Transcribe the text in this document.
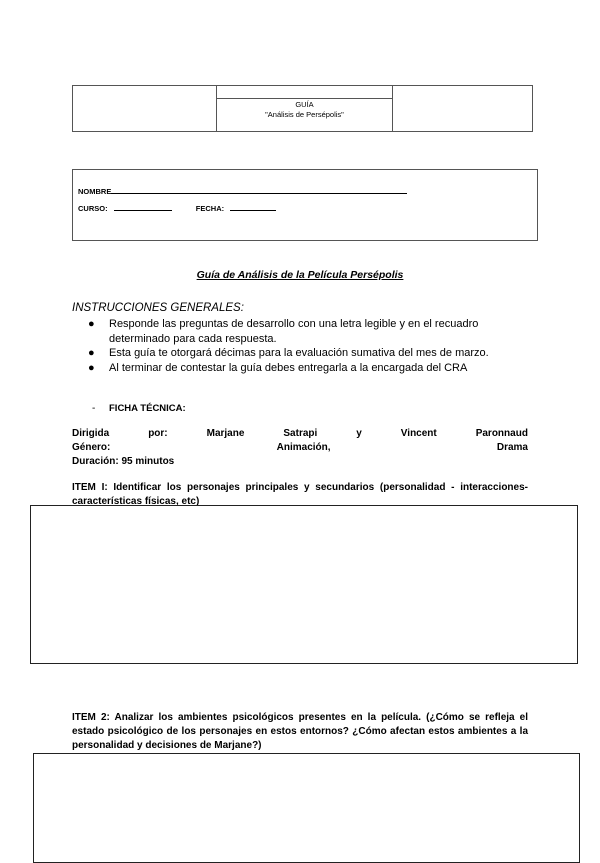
GUÍA
"Análisis de Persépolis"
NOMBRE
CURSO:	FECHA:
Guía de Análisis de la Película Persépolis
INSTRUCCIONES GENERALES:
● Responde las preguntas de desarrollo con una letra legible y en el recuadro determinado para cada respuesta.
● Esta guía te otorgará décimas para la evaluación sumativa del mes de marzo.
● Al terminar de contestar la guía debes entregarla a la encargada del CRA
- FICHA TÉCNICA:
Dirigida	por:	Marjane	Satrapi	y	Vincent	Paronnaud
Género:	Animación,	Drama
Duración: 95 minutos
ITEM I: Identificar los personajes principales y secundarios (personalidad - interacciones- características físicas, etc)
ITEM 2: Analizar los ambientes psicológicos presentes en la película. (¿Cómo se refleja el estado psicológico de los personajes en estos entornos? ¿Cómo afectan estos ambientes a la personalidad y decisiones de Marjane?)
